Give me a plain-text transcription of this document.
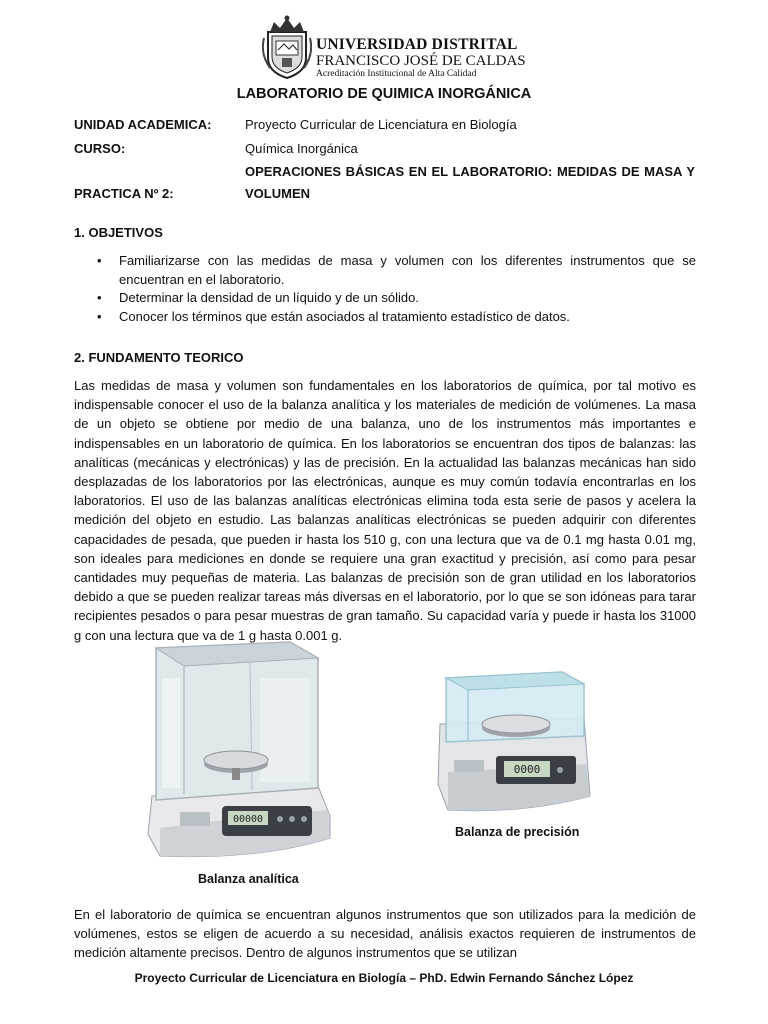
UNIVERSIDAD DISTRITAL
FRANCISCO JOSÉ DE CALDAS
Acreditación Institucional de Alta Calidad
LABORATORIO DE QUIMICA INORGÁNICA
UNIDAD ACADEMICA:	Proyecto Curricular de Licenciatura en Biología
CURSO:	Química Inorgánica
OPERACIONES BÁSICAS EN EL LABORATORIO: MEDIDAS DE MASA Y
PRACTICA Nº 2:	VOLUMEN
1. OBJETIVOS
• Familiarizarse con las medidas de masa y volumen con los diferentes instrumentos que se encuentran en el laboratorio.
• Determinar la densidad de un líquido y de un sólido.
• Conocer los términos que están asociados al tratamiento estadístico de datos.
2. FUNDAMENTO TEORICO

Las medidas de masa y volumen son fundamentales en los laboratorios de química, por tal motivo es indispensable conocer el uso de la balanza analítica y los materiales de medición de volúmenes. La masa de un objeto se obtiene por medio de una balanza, uno de los instrumentos más importantes e indispensables en un laboratorio de química. En los laboratorios se encuentran dos tipos de balanzas: las analíticas (mecánicas y electrónicas) y las de precisión. En la actualidad las balanzas mecánicas han sido desplazadas de los laboratorios por las electrónicas, aunque es muy común todavía encontrarlas en los laboratorios. El uso de las balanzas analíticas electrónicas elimina toda esta serie de pasos y acelera la medición del objeto en estudio. Las balanzas analíticas electrónicas se pueden adquirir con diferentes capacidades de pesada, que pueden ir hasta los 510 g, con una lectura que va de 0.1 mg hasta 0.01 mg, son ideales para mediciones en donde se requiere una gran exactitud y precisión, así como para pesar cantidades muy pequeñas de materia. Las balanzas de precisión son de gran utilidad en los laboratorios debido a que se pueden realizar tareas más diversas en el laboratorio, por lo que se son idóneas para tarar recipientes pesados o para pesar muestras de gran tamaño. Su capacidad varía y puede ir hasta los 31000 g con una lectura que va de 1 g hasta 0.001 g.

00000
Balanza analítica
0000
Balanza de precisión

En el laboratorio de química se encuentran algunos instrumentos que son utilizados para la medición de volúmenes, estos se eligen de acuerdo a su necesidad, análisis exactos requieren de instrumentos de medición altamente precisos. Dentro de algunos instrumentos que se utilizan

Proyecto Curricular de Licenciatura en Biología – PhD. Edwin Fernando Sánchez López
